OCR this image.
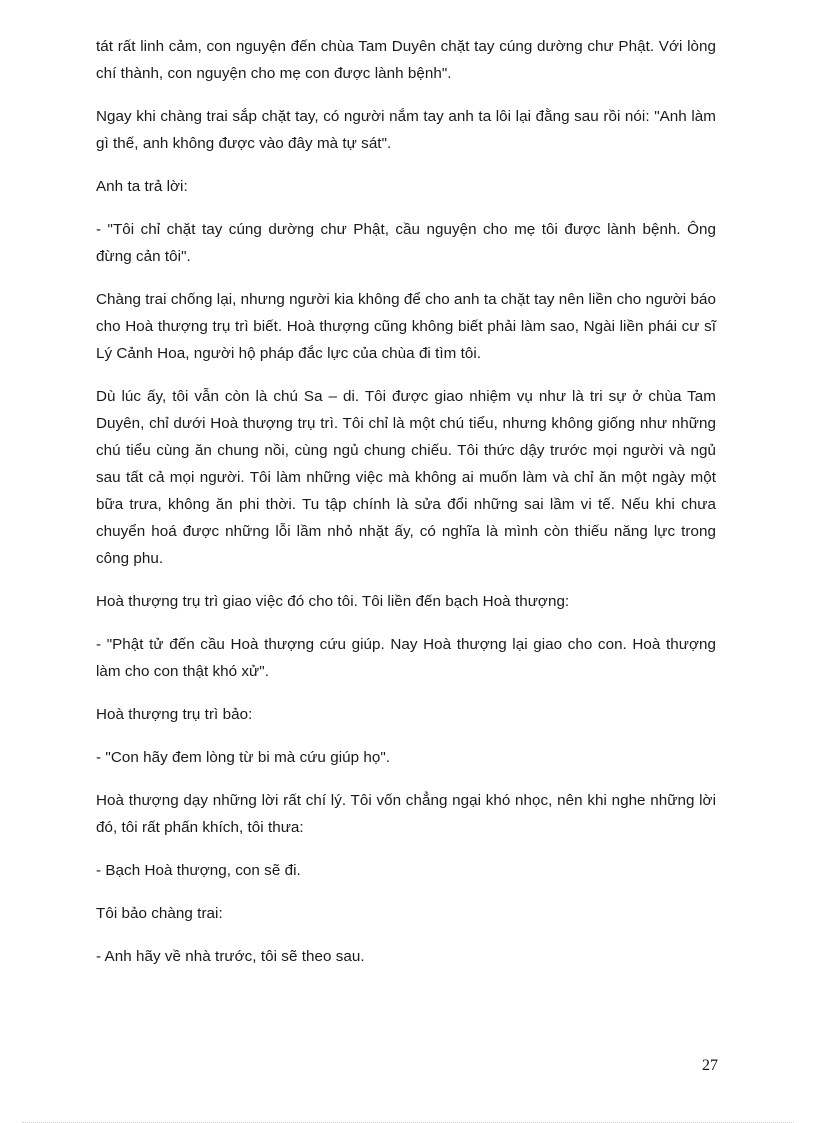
tát rất linh cảm, con nguyện đến chùa Tam Duyên chặt tay cúng dường chư Phật. Với lòng chí thành, con nguyện cho mẹ con được lành bệnh".

Ngay khi chàng trai sắp chặt tay, có người nắm tay anh ta lôi lại đằng sau rồi nói: "Anh làm gì thế, anh không được vào đây mà tự sát".

Anh ta trả lời:

- "Tôi chỉ chặt tay cúng dường chư Phật, cầu nguyện cho mẹ tôi được lành bệnh. Ông đừng cản tôi".

Chàng trai chống lại, nhưng người kia không để cho anh ta chặt tay nên liền cho người báo cho Hoà thượng trụ trì biết. Hoà thượng cũng không biết phải làm sao, Ngài liền phái cư sĩ Lý Cảnh Hoa, người hộ pháp đắc lực của chùa đi tìm tôi.

Dù lúc ấy, tôi vẫn còn là chú Sa – di. Tôi được giao nhiệm vụ như là tri sự ở chùa Tam Duyên, chỉ dưới Hoà thượng trụ trì. Tôi chỉ là một chú tiểu, nhưng không giống như những chú tiểu cùng ăn chung nồi, cùng ngủ chung chiếu. Tôi thức dậy trước mọi người và ngủ sau tất cả mọi người. Tôi làm những việc mà không ai muốn làm và chỉ ăn một ngày một bữa trưa, không ăn phi thời. Tu tập chính là sửa đổi những sai lầm vi tế. Nếu khi chưa chuyển hoá được những lỗi lầm nhỏ nhặt ấy, có nghĩa là mình còn thiếu năng lực trong công phu.

Hoà thượng trụ trì giao việc đó cho tôi. Tôi liền đến bạch Hoà thượng:

- "Phật tử đến cầu Hoà thượng cứu giúp. Nay Hoà thượng lại giao cho con. Hoà thượng làm cho con thật khó xử".

Hoà thượng trụ trì bảo:

- "Con hãy đem lòng từ bi mà cứu giúp họ".

Hoà thượng dạy những lời rất chí lý. Tôi vốn chẳng ngại khó nhọc, nên khi nghe những lời đó, tôi rất phấn khích, tôi thưa:

- Bạch Hoà thượng, con sẽ đi.

Tôi bảo chàng trai:

- Anh hãy về nhà trước, tôi sẽ theo sau.

27
